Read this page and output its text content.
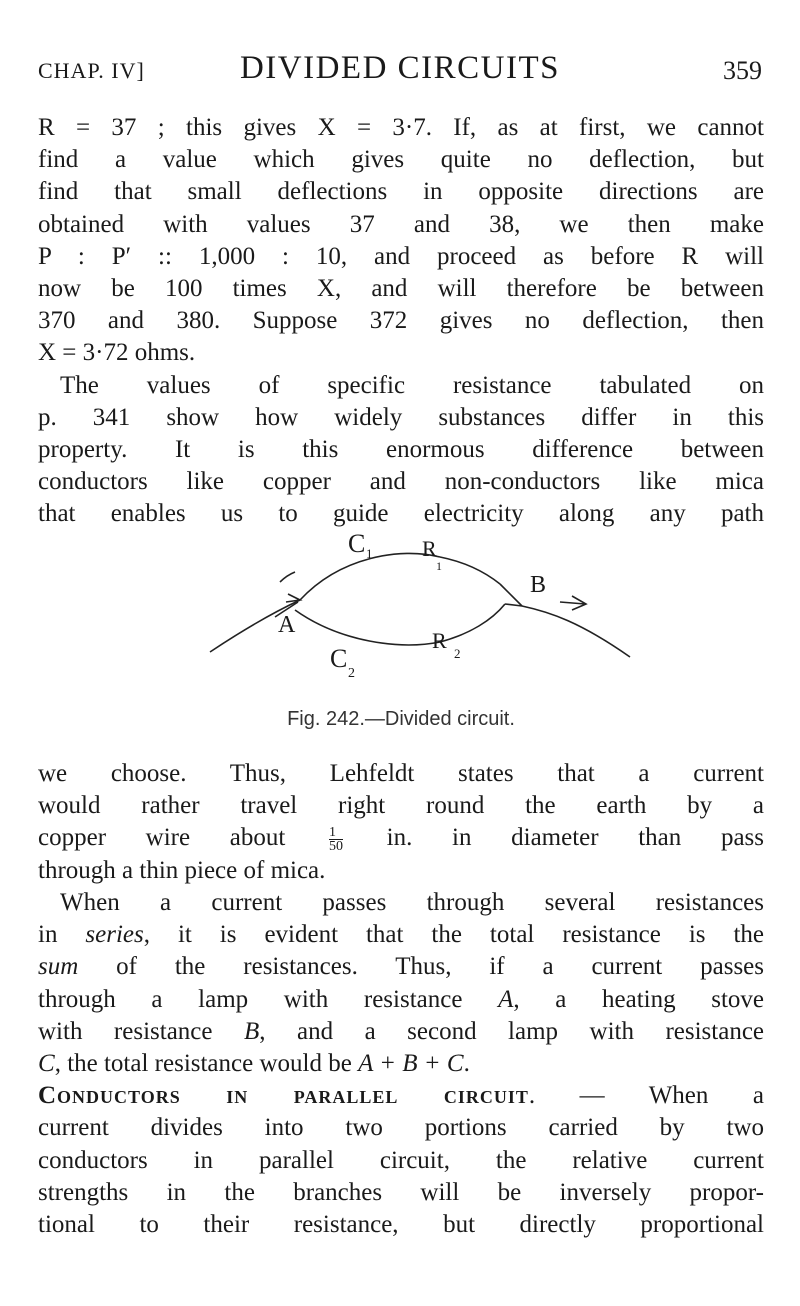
CHAP. IV]	DIVIDED CIRCUITS	359
R = 37 ; this gives X = 3·7. If, as at first, we cannot
find a value which gives quite no deflection, but
find that small deflections in opposite directions are
obtained with values 37 and 38, we then make
P : P′ :: 1,000 : 10, and proceed as before R will
now be 100 times X, and will therefore be between
370 and 380. Suppose 372 gives no deflection, then
X = 3·72 ohms.
The values of specific resistance tabulated on
p. 341 show how widely substances differ in this
property. It is this enormous difference between
conductors like copper and non-conductors like mica
that enables us to guide electricity along any path
C 1 R
1
A
B
C
2
R
2
Fig. 242.—Divided circuit.
we choose. Thus, Lehfeldt states that a current
would rather travel right round the earth by a
copper wire about	$\frac{1}{50}$ in. in diameter than pass
through a thin piece of mica.
When a current passes through several resistances
in series, it is evident that the total resistance is the
sum of the resistances. Thus, if a current passes
through a lamp with resistance A, a heating stove
with resistance B, and a second lamp with resistance
C, the total resistance would be A + B + C.
Conductors in parallel circuit. — When a
current divides into two portions carried by two
conductors in parallel circuit, the relative current
strengths in the branches will be inversely propor-
tional to their resistance, but directly proportional
